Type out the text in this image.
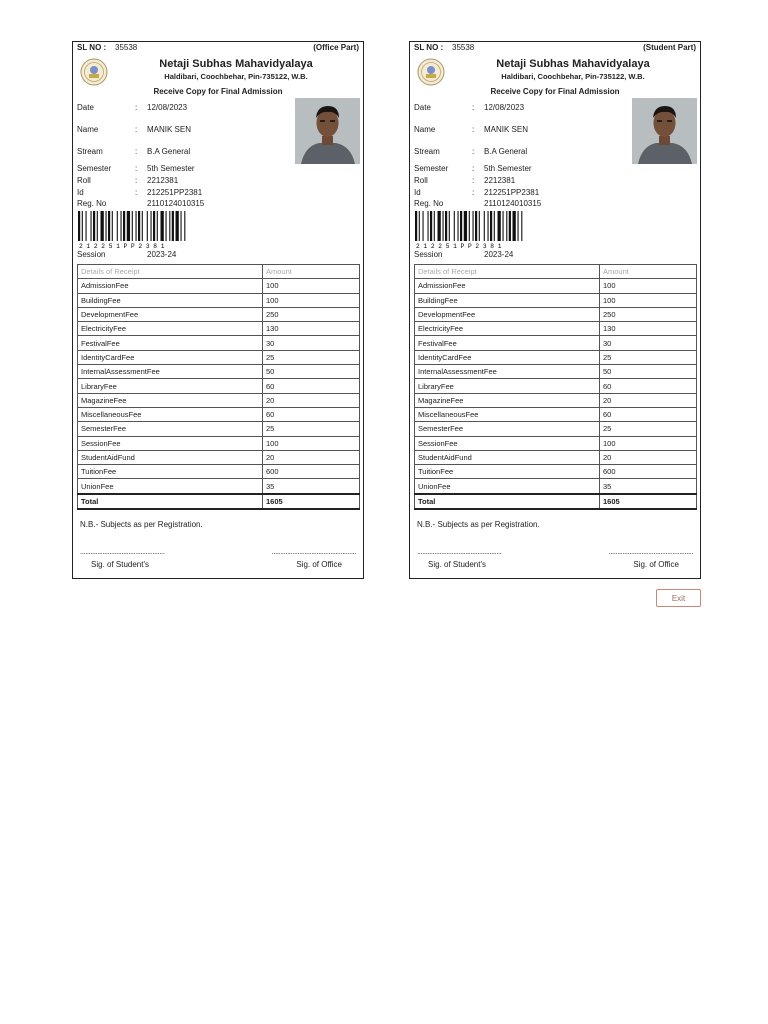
SL NO : 35538	(Office Part)
Netaji Subhas Mahavidyalaya
Haldibari, Coochbehar, Pin-735122, W.B.
Receive Copy for Final Admission
Date	: 12/08/2023
Name	: MANIK SEN
Stream	: B.A General
Semester	: 5th Semester
Roll	: 2212381
Id	: 212251PP2381
Reg. No	2110124010315
2 1 2 2 5 1 P P 2 3 8 1
Session	2023-24
Details of Receipt	Amount
AdmissionFee	100
BuildingFee	100
DevelopmentFee	250
ElectricityFee	130
FestivalFee	30
IdentityCardFee	25
InternalAssessmentFee	50
LibraryFee	60
MagazineFee	20
MiscellaneousFee	60
SemesterFee	25
SessionFee	100
StudentAidFund	20
TuitionFee	600
UnionFee	35
Total	1605
N.B.- Subjects as per Registration.
.................................................	.................................................
Sig. of Student's	Sig. of Office
SL NO : 35538	(Student Part)
Netaji Subhas Mahavidyalaya
Haldibari, Coochbehar, Pin-735122, W.B.
Receive Copy for Final Admission
Date	: 12/08/2023
Name	: MANIK SEN
Stream	: B.A General
Semester	: 5th Semester
Roll	: 2212381
Id	: 212251PP2381
Reg. No	2110124010315
2 1 2 2 5 1 P P 2 3 8 1
Session	2023-24
Details of Receipt	Amount
AdmissionFee	100
BuildingFee	100
DevelopmentFee	250
ElectricityFee	130
FestivalFee	30
IdentityCardFee	25
InternalAssessmentFee	50
LibraryFee	60
MagazineFee	20
MiscellaneousFee	60
SemesterFee	25
SessionFee	100
StudentAidFund	20
TuitionFee	600
UnionFee	35
Total	1605
N.B.- Subjects as per Registration.
.................................................	.................................................
Sig. of Student's	Sig. of Office
Exit
